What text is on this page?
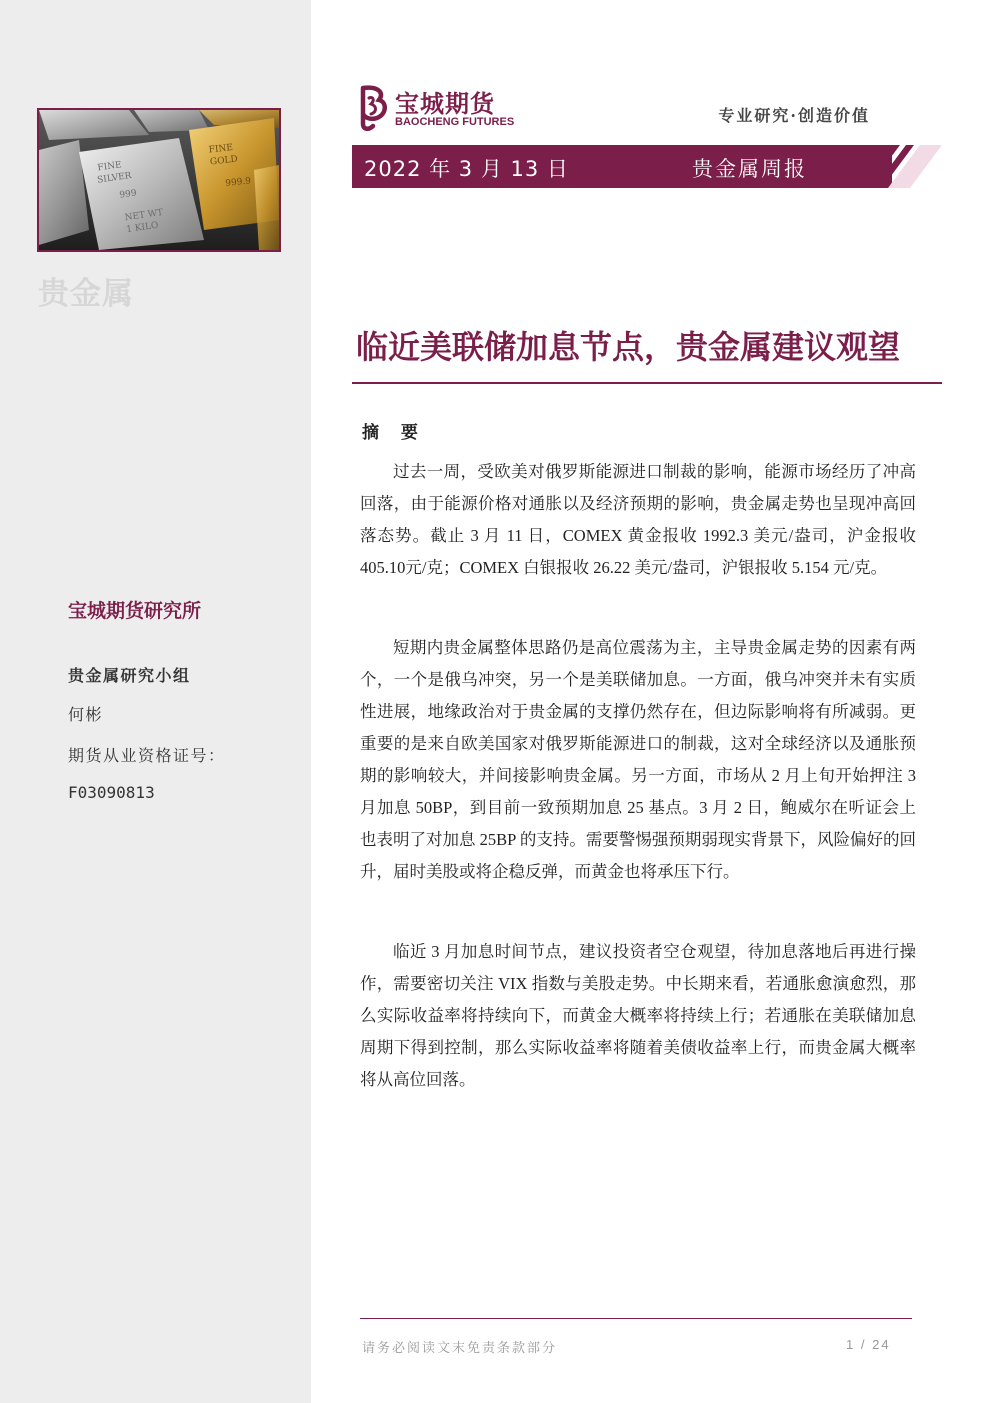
FINE
SILVER
999
NET WT
1 KILO
FINE
GOLD
999.9
贵金属
宝城期货研究所
贵金属研究小组
何彬
期货从业资格证号：
F03090813
宝城期货
BAOCHENG FUTURES	专业研究·创造价值
2022 年 3 月 13 日	贵金属周报
临近美联储加息节点，贵金属建议观望
摘 要

过去一周，受欧美对俄罗斯能源进口制裁的影响，能源市场经历了冲高回落，由于能源价格对通胀以及经济预期的影响，贵金属走势也呈现冲高回落态势。截止 3 月 11 日，COMEX 黄金报收 1992.3 美元/盎司，沪金报收405.10元/克；COMEX 白银报收 26.22 美元/盎司，沪银报收 5.154 元/克。

短期内贵金属整体思路仍是高位震荡为主，主导贵金属走势的因素有两个，一个是俄乌冲突，另一个是美联储加息。一方面，俄乌冲突并未有实质性进展，地缘政治对于贵金属的支撑仍然存在，但边际影响将有所减弱。更重要的是来自欧美国家对俄罗斯能源进口的制裁，这对全球经济以及通胀预期的影响较大，并间接影响贵金属。另一方面，市场从 2 月上旬开始押注 3 月加息 50BP，到目前一致预期加息 25 基点。3 月 2 日，鲍威尔在听证会上也表明了对加息 25BP 的支持。需要警惕强预期弱现实背景下，风险偏好的回升，届时美股或将企稳反弹，而黄金也将承压下行。

临近 3 月加息时间节点，建议投资者空仓观望，待加息落地后再进行操作，需要密切关注 VIX 指数与美股走势。中长期来看，若通胀愈演愈烈，那么实际收益率将持续向下，而黄金大概率将持续上行；若通胀在美联储加息周期下得到控制，那么实际收益率将随着美债收益率上行，而贵金属大概率将从高位回落。

请务必阅读文末免责条款部分	1 / 24
